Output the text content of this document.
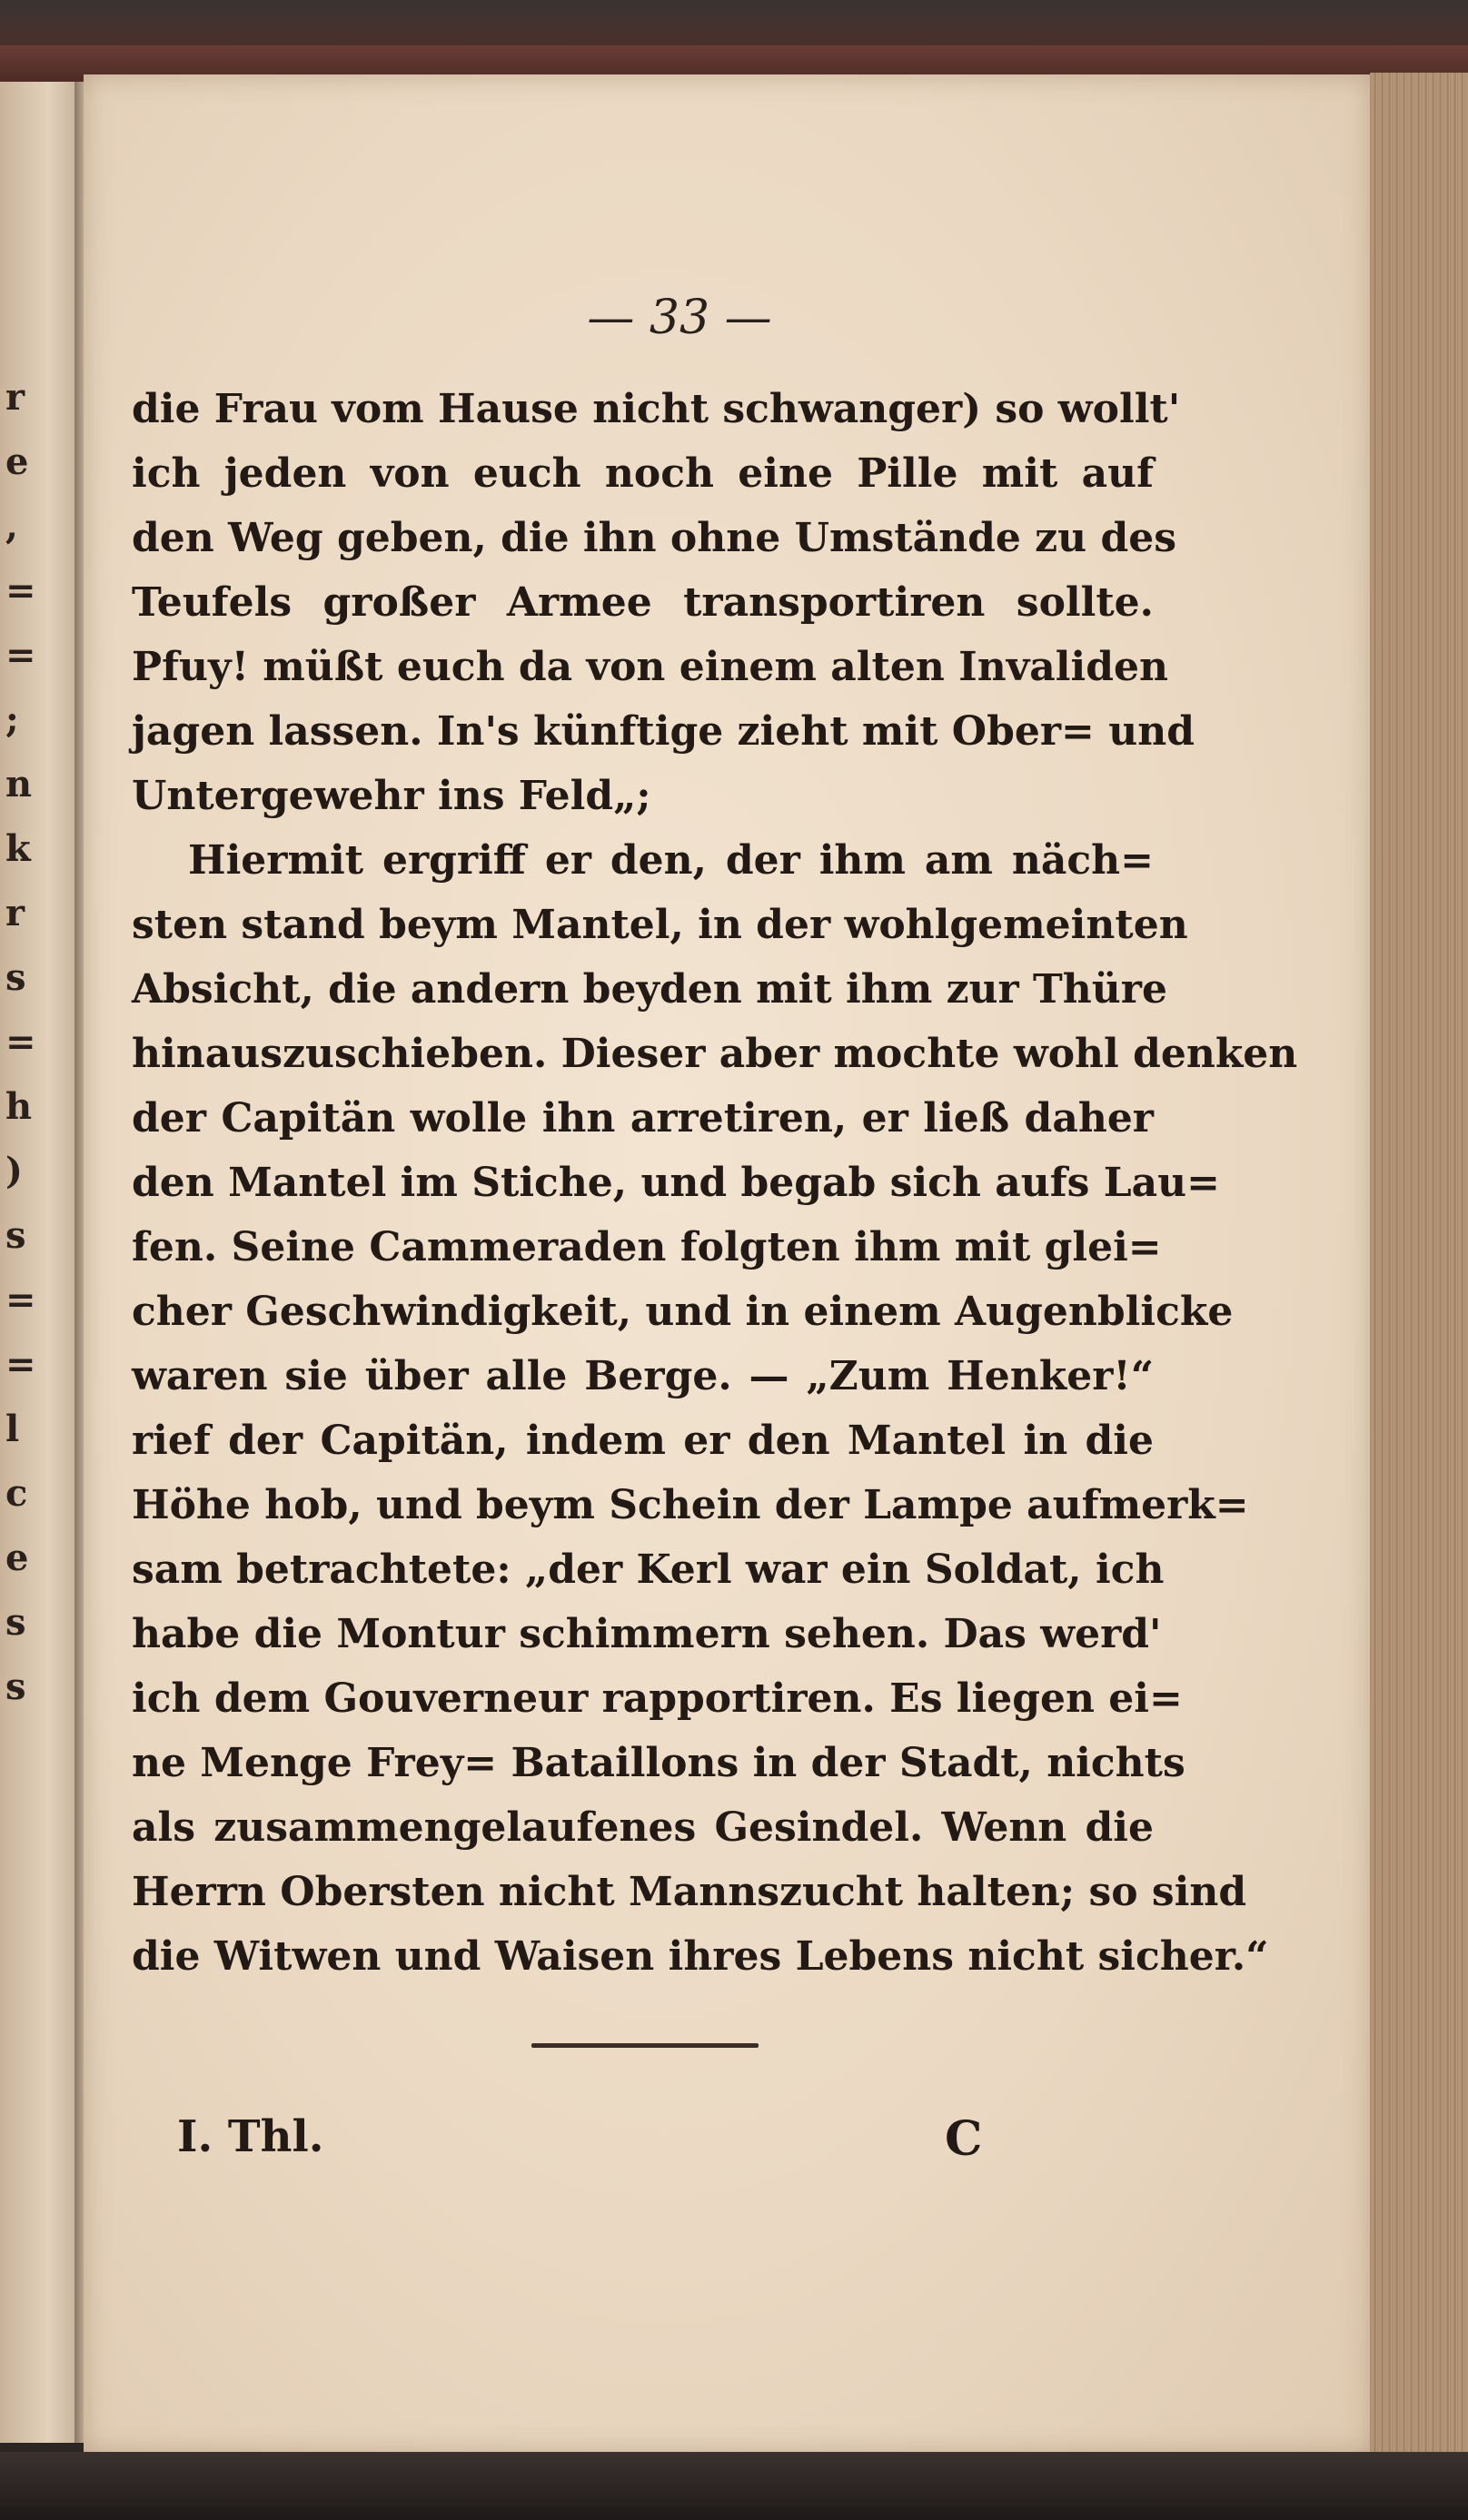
r
e
,
=
=
;
n
k
r
s
=
h
)
s
=
=
l
c
e
s
s
— 33 —
die Frau vom Hause nicht schwanger) so wollt'
ich jeden von euch noch eine Pille mit auf
den Weg geben, die ihn ohne Umstände zu des
Teufels großer Armee transportiren sollte.
Pfuy! müßt euch da von einem alten Invaliden
jagen lassen. In's künftige zieht mit Ober= und
Untergewehr ins Feld„;
Hiermit ergriff er den, der ihm am näch=
sten stand beym Mantel, in der wohlgemeinten
Absicht, die andern beyden mit ihm zur Thüre
hinauszuschieben. Dieser aber mochte wohl denken
der Capitän wolle ihn arretiren, er ließ daher
den Mantel im Stiche, und begab sich aufs Lau=
fen. Seine Cammeraden folgten ihm mit glei=
cher Geschwindigkeit, und in einem Augenblicke
waren sie über alle Berge. — „Zum Henker!“
rief der Capitän, indem er den Mantel in die
Höhe hob, und beym Schein der Lampe aufmerk=
sam betrachtete: „der Kerl war ein Soldat, ich
habe die Montur schimmern sehen. Das werd'
ich dem Gouverneur rapportiren. Es liegen ei=
ne Menge Frey= Bataillons in der Stadt, nichts
als zusammengelaufenes Gesindel. Wenn die
Herrn Obersten nicht Mannszucht halten; so sind
die Witwen und Waisen ihres Lebens nicht sicher.“
I. Thl.	C
